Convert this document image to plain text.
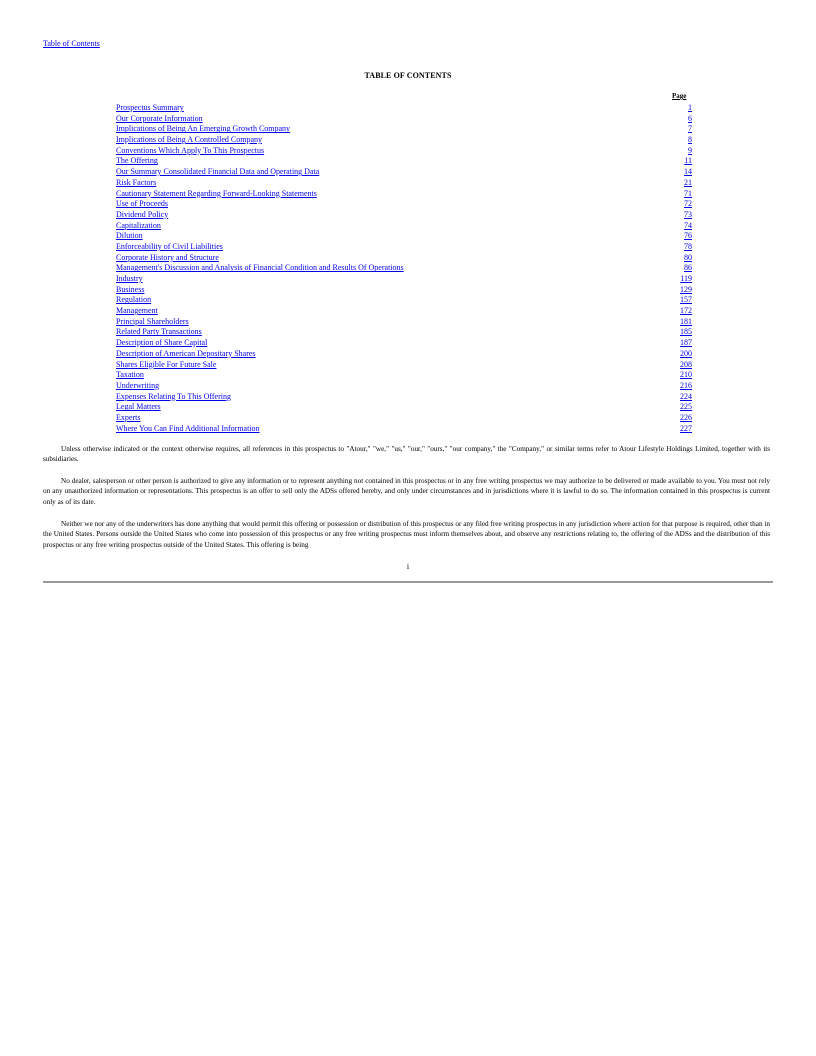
Table of Contents
TABLE OF CONTENTS
Page
Prospectus Summary	1
Our Corporate Information	6
Implications of Being An Emerging Growth Company	7
Implications of Being A Controlled Company	8
Conventions Which Apply To This Prospectus	9
The Offering	11
Our Summary Consolidated Financial Data and Operating Data	14
Risk Factors	21
Cautionary Statement Regarding Forward-Looking Statements	71
Use of Proceeds	72
Dividend Policy	73
Capitalization	74
Dilution	76
Enforceability of Civil Liabilities	78
Corporate History and Structure	80
Management's Discussion and Analysis of Financial Condition and Results Of Operations	86
Industry	119
Business	129
Regulation	157
Management	172
Principal Shareholders	181
Related Party Transactions	185
Description of Share Capital	187
Description of American Depositary Shares	200
Shares Eligible For Future Sale	208
Taxation	210
Underwriting	216
Expenses Relating To This Offering	224
Legal Matters	225
Experts	226
Where You Can Find Additional Information	227
Unless otherwise indicated or the context otherwise requires, all references in this prospectus to "Atour," "we," "us," "our," "ours," "our company," the "Company," or similar terms refer to Atour Lifestyle Holdings Limited, together with its subsidiaries.
No dealer, salesperson or other person is authorized to give any information or to represent anything not contained in this prospectus or in any free writing prospectus we may authorize to be delivered or made available to you. You must not rely on any unauthorized information or representations. This prospectus is an offer to sell only the ADSs offered hereby, and only under circumstances and in jurisdictions where it is lawful to do so. The information contained in this prospectus is current only as of its date.
Neither we nor any of the underwriters has done anything that would permit this offering or possession or distribution of this prospectus or any filed free writing prospectus in any jurisdiction where action for that purpose is required, other than in the United States. Persons outside the United States who come into possession of this prospectus or any free writing prospectus must inform themselves about, and observe any restrictions relating to, the offering of the ADSs and the distribution of this prospectus or any free writing prospectus outside of the United States. This offering is being
i
